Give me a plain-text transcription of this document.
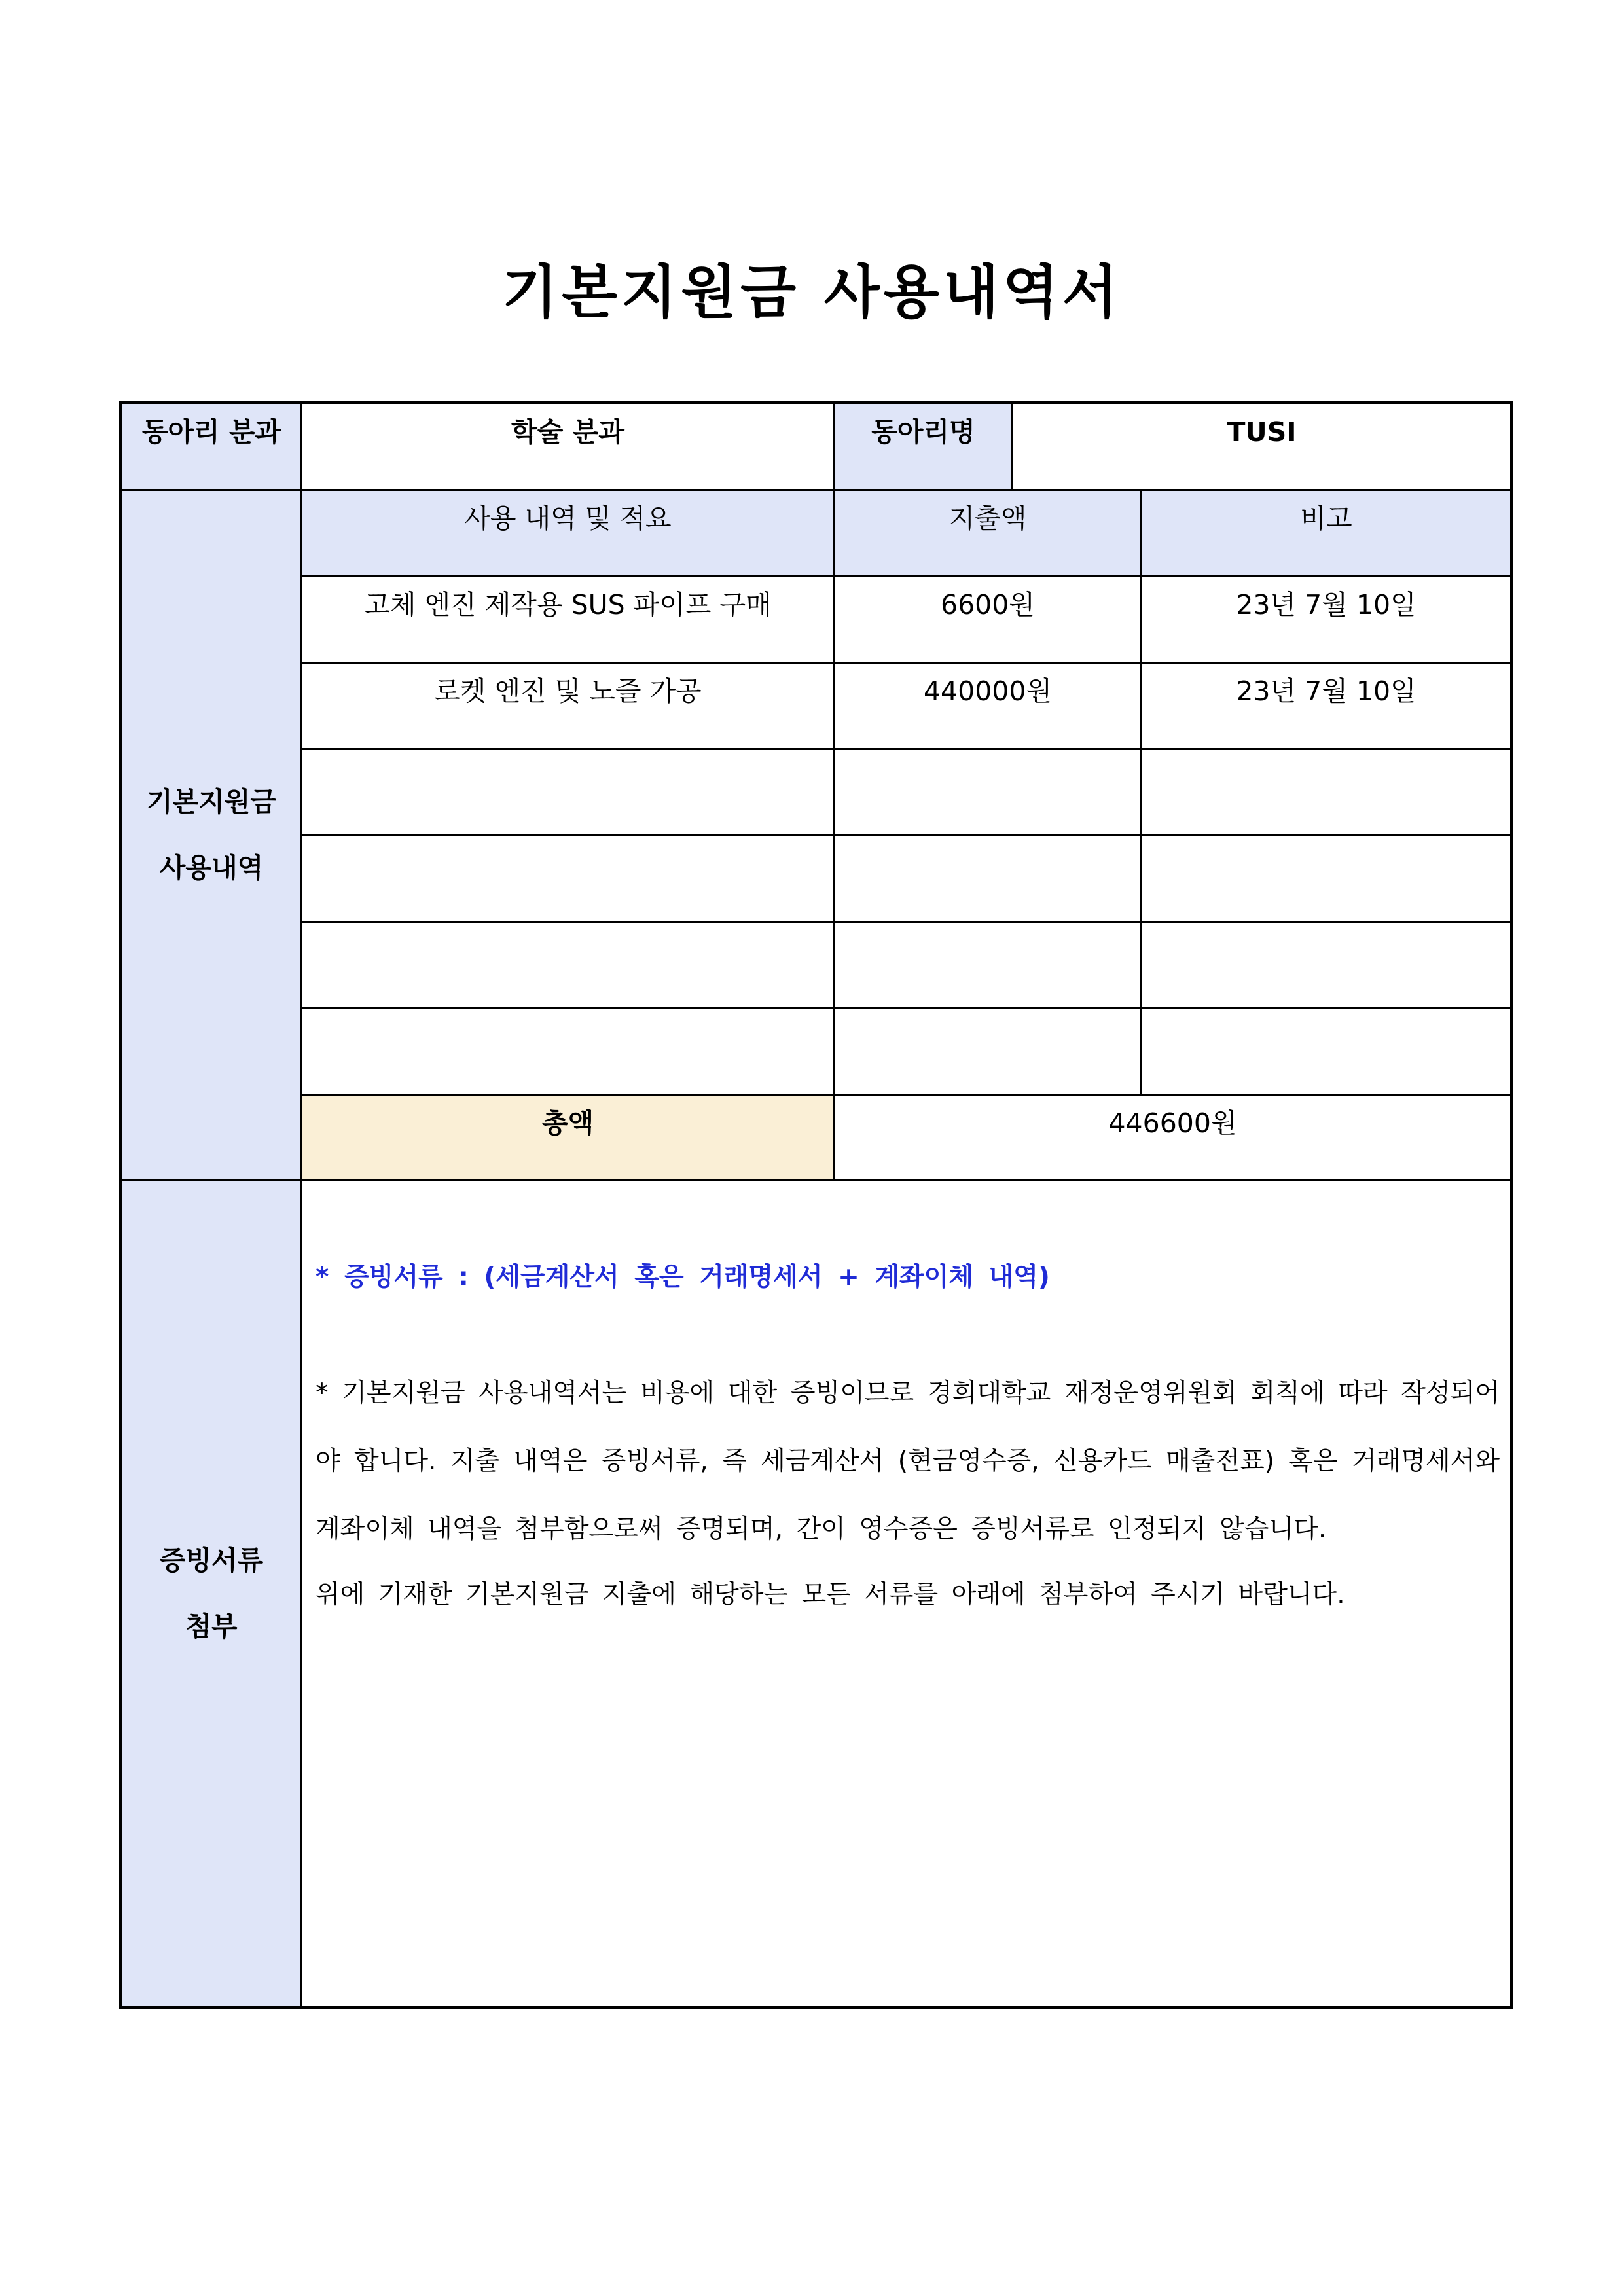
기본지원금 사용내역서
동아리 분과	학술 분과	동아리명	TUSI
기본지원금
사용내역
사용 내역 및 적요	지출액	비고
고체 엔진 제작용 SUS 파이프 구매	6600원	23년 7월 10일
로켓 엔진 및 노즐 가공	440000원	23년 7월 10일
총액	446600원
증빙서류
첨부
* 증빙서류 : (세금계산서 혹은 거래명세서 + 계좌이체 내역)
* 기본지원금 사용내역서는 비용에 대한 증빙이므로 경희대학교 재정운영위원회 회칙에 따라 작성되어야 합니다. 지출 내역은 증빙서류, 즉 세금계산서 (현금영수증, 신용카드 매출전표) 혹은 거래명세서와 계좌이체 내역을 첨부함으로써 증명되며, 간이 영수증은 증빙서류로 인정되지 않습니다.
위에 기재한 기본지원금 지출에 해당하는 모든 서류를 아래에 첨부하여 주시기 바랍니다.
